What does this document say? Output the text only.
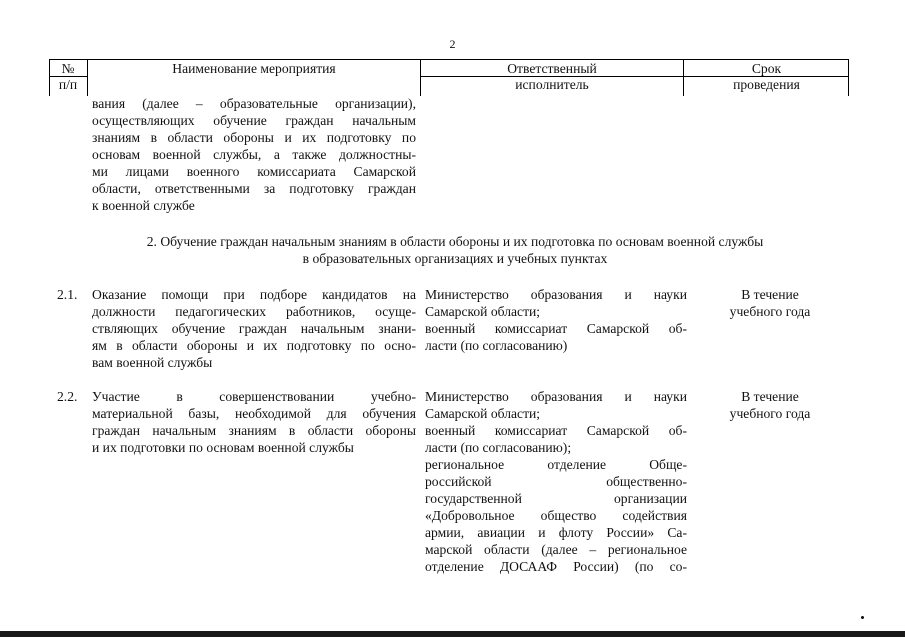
2
№
п/п
Наименование мероприятия	Ответственный
исполнитель
Срок
проведения
вания (далее – образовательные организации),
осуществляющих обучение граждан начальным
знаниям в области обороны и их подготовку по
основам военной службы, а также должностны-
ми лицами военного комиссариата Самарской
области, ответственными за подготовку граждан
к военной службе
2. Обучение граждан начальным знаниям в области обороны и их подготовка по основам военной службы
в образовательных организациях и учебных пунктах
2.1. Оказание помощи при подборе кандидатов на
должности педагогических работников, осуще-
ствляющих обучение граждан начальным знани-
ям в области обороны и их подготовку по осно-
вам военной службы
Министерство образования и науки
Самарской области;
военный комиссариат Самарской об-
ласти (по согласованию)
В течение
учебного года
2.2. Участие в совершенствовании учебно-
материальной базы, необходимой для обучения
граждан начальным знаниям в области обороны
и их подготовки по основам военной службы
Министерство образования и науки
Самарской области;
военный комиссариат Самарской об-
ласти (по согласованию);
региональное отделение Обще-
российской общественно-
государственной организации
«Добровольное общество содействия
армии, авиации и флоту России» Са-
марской области (далее – региональное
отделение ДОСААФ России) (по со-
В течение
учебного года
